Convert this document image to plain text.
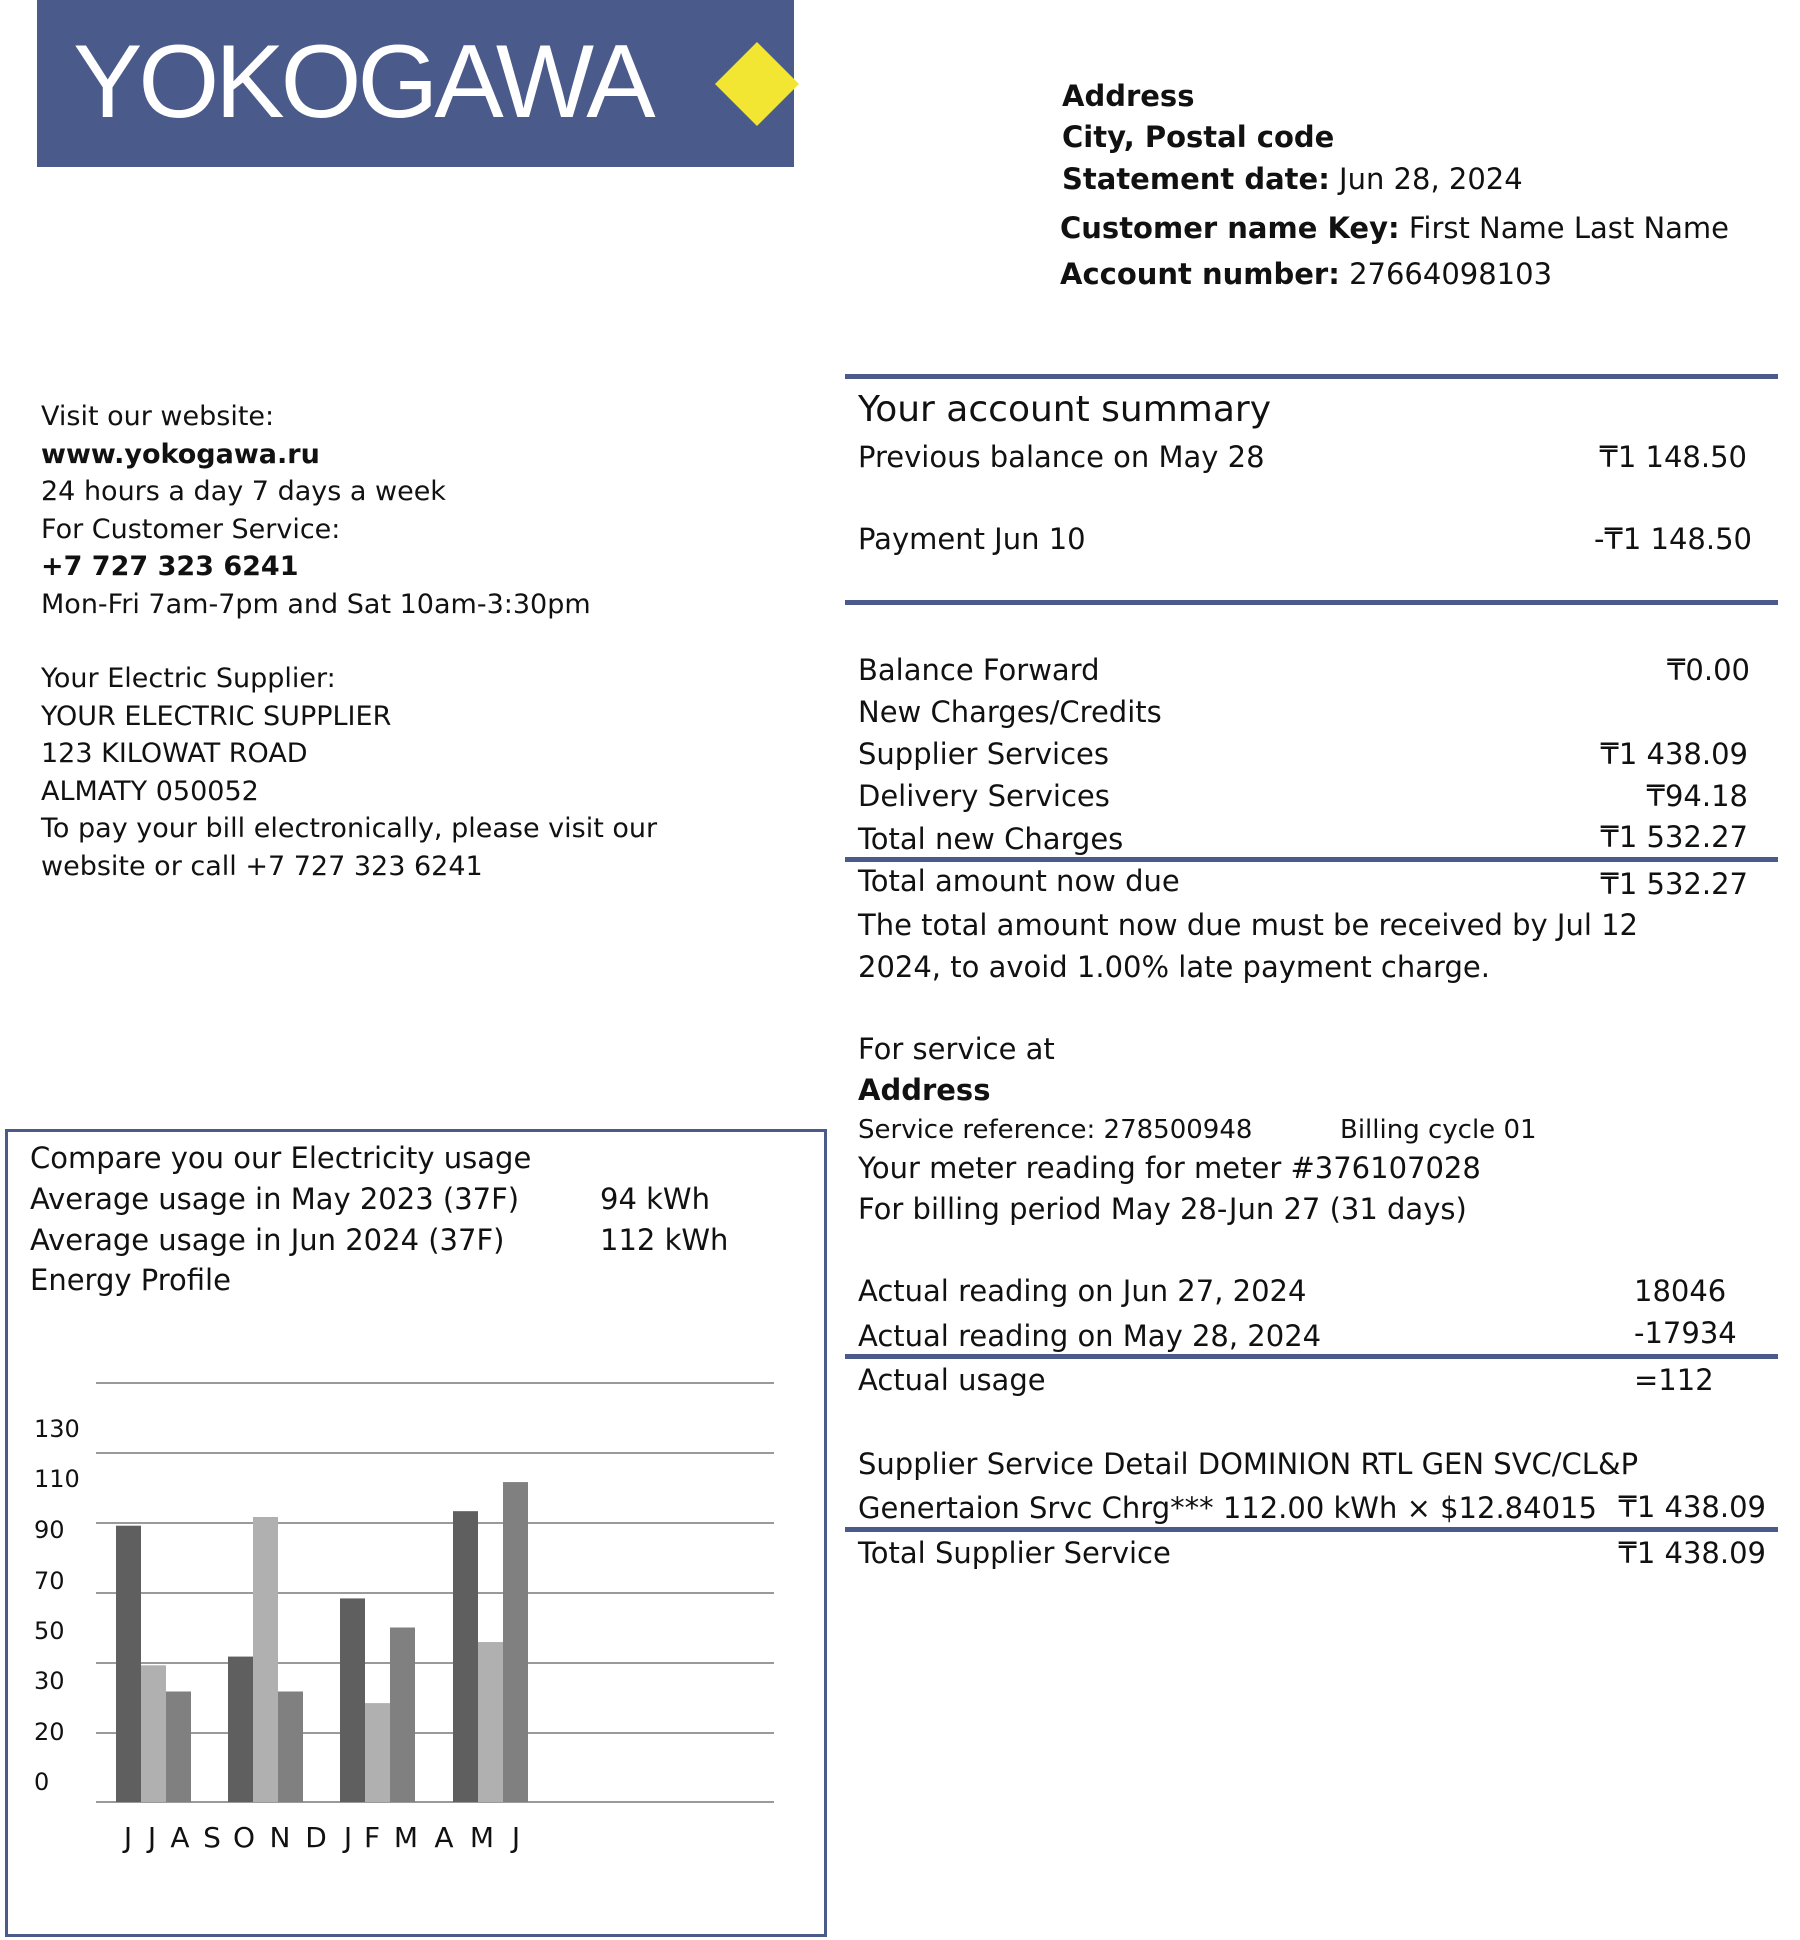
YOKOGAWA	Address
City, Postal code
Statement date: Jun 28, 2024
Customer name Key: First Name Last Name
Account number: 27664098103
Visit our website:
www.yokogawa.ru
24 hours a day 7 days a week
For Customer Service:
+7 727 323 6241
Mon-Fri 7am-7pm and Sat 10am-3:30pm
Your Electric Supplier:
YOUR ELECTRIC SUPPLIER
123 KILOWAT ROAD
ALMATY 050052
To pay your bill electronically, please visit our
website or call +7 727 323 6241
Your account summary
Previous balance on May 28	₸1 148.50
Payment Jun 10	-₸1 148.50
Balance Forward	₸0.00
New Charges/Credits
Supplier Services	₸1 438.09
Delivery Services	₸94.18
Total new Charges	₸1 532.27
Total amount now due	₸1 532.27
The total amount now due must be received by Jul 12
2024, to avoid 1.00% late payment charge.
For service at
Address
Service reference: 278500948	Billing cycle 01
Your meter reading for meter #376107028
For billing period May 28-Jun 27 (31 days)
Actual reading on Jun 27, 2024	18046
Actual reading on May 28, 2024	-17934
Actual usage	=112
Supplier Service Detail DOMINION RTL GEN SVC/CL&P
Genertaion Srvc Chrg*** 112.00 kWh × $12.84015 ₸1 438.09
Total Supplier Service	₸1 438.09
Compare you our Electricity usage
Average usage in May 2023 (37F)	94 kWh
Average usage in Jun 2024 (37F)	112 kWh
Energy Profile
130
110
90
70
50
30
20
0
J J A S O N D J F M A M J
